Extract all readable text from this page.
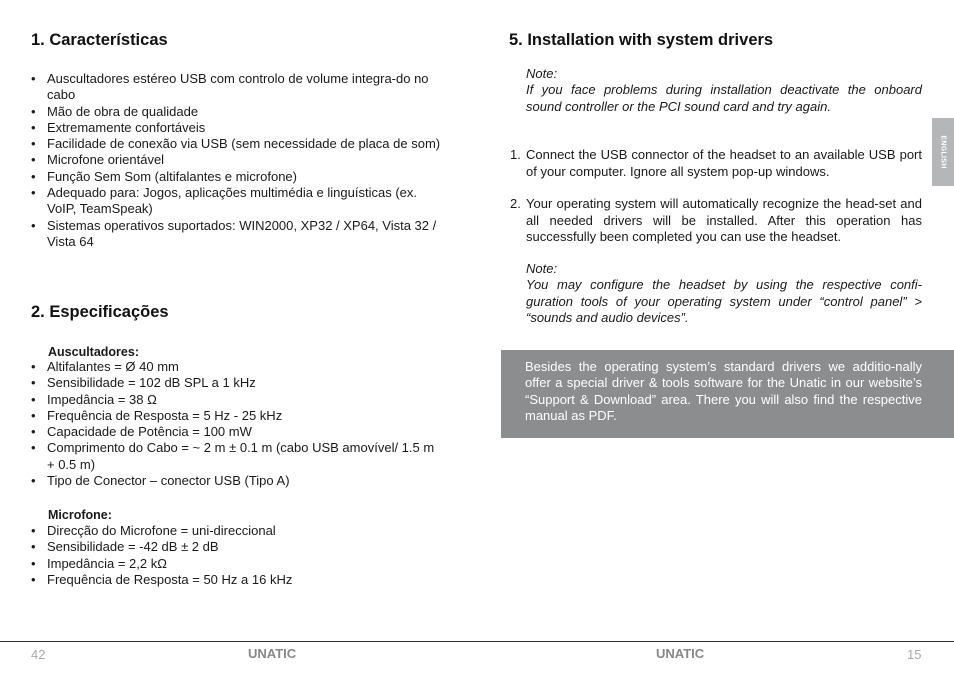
1. Características
• Auscultadores estéreo USB com controlo de volume integra-do no cabo
• Mão de obra de qualidade
• Extremamente confortáveis
• Facilidade de conexão via USB (sem necessidade de placa de som)
• Microfone orientável
• Função Sem Som (altifalantes e microfone)
• Adequado para: Jogos, aplicações multimédia e linguísticas (ex. VoIP, TeamSpeak)
• Sistemas operativos suportados: WIN2000, XP32 / XP64, Vista 32 / Vista 64
2. Especificações
Auscultadores:
• Altifalantes = Ø 40 mm
• Sensibilidade = 102 dB SPL a 1 kHz
• Impedância = 38 Ω
• Frequência de Resposta = 5 Hz - 25 kHz
• Capacidade de Potência = 100 mW
• Comprimento do Cabo = ~ 2 m ± 0.1 m (cabo USB amovível/ 1.5 m + 0.5 m)
• Tipo de Conector – conector USB (Tipo A)
Microfone:
• Direcção do Microfone = uni-direccional
• Sensibilidade = -42 dB ± 2 dB
• Impedância = 2,2 kΩ
• Frequência de Resposta = 50 Hz a 16 kHz
5. Installation with system drivers

Note:

If you face problems during installation deactivate the onboard sound controller or the PCI sound card and try again.

1. Connect the USB connector of the headset to an available USB port of your computer. Ignore all system pop-up windows.
2. Your operating system will automatically recognize the head-set and all needed drivers will be installed. After this operation has successfully been completed you can use the headset.

Note:

You may configure the headset by using the respective confi-guration tools of your operating system under “control panel” > “sounds and audio devices”.

Besides the operating system’s standard drivers we additio-nally offer a special driver & tools software for the Unatic in our website’s “Support & Download” area. There you will also find the respective manual as PDF.

ENGLISH
42	UNATIC	UNATIC	15
